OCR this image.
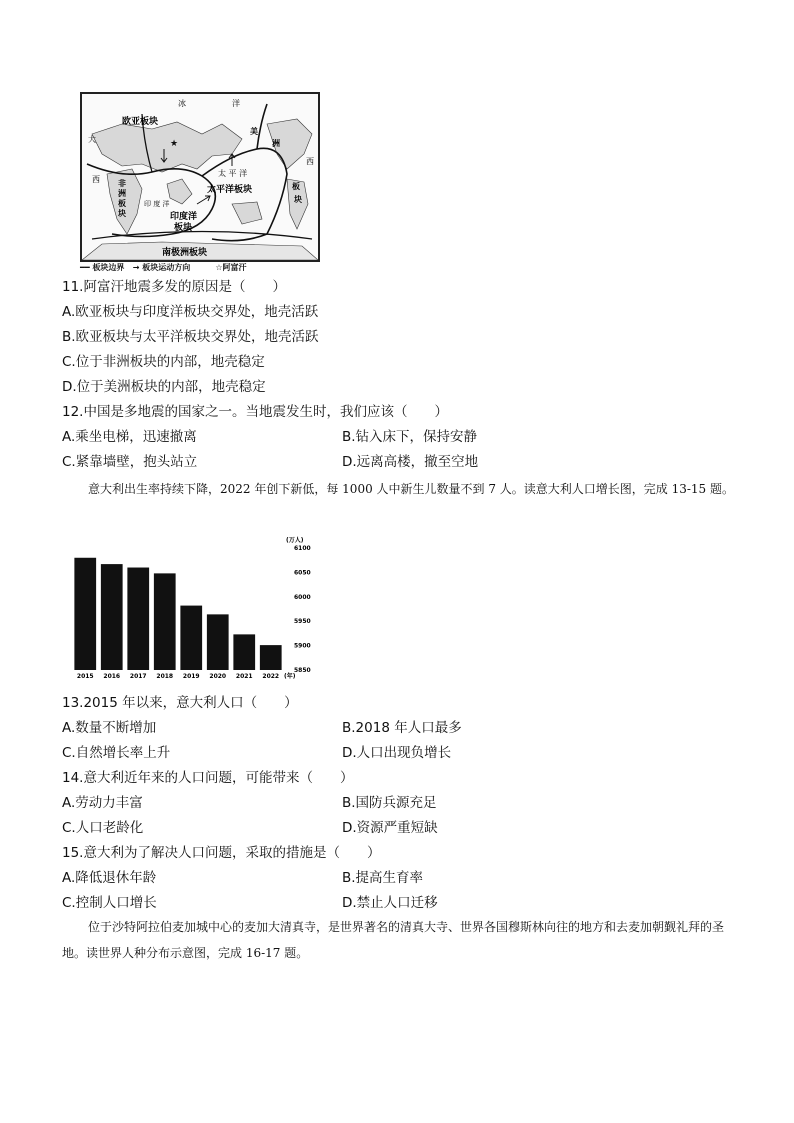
★
冰	洋
欧亚板块
非
洲
板
块
太平洋板块
太 平 洋
印 度 洋
印度洋
板块
南极洲板块
美
洲
板
块
大
西
西
━━ 板块边界 → 板块运动方向	☆阿富汗
11.阿富汗地震多发的原因是（　　）
A.欧亚板块与印度洋板块交界处，地壳活跃
B.欧亚板块与太平洋板块交界处，地壳活跃
C.位于非洲板块的内部，地壳稳定
D.位于美洲板块的内部，地壳稳定
12.中国是多地震的国家之一。当地震发生时，我们应该（　　）
A.乘坐电梯，迅速撤离	B.钻入床下，保持安静
C.紧靠墙壁，抱头站立	D.远离高楼，撤至空地
意大利出生率持续下降，2022 年创下新低，每 1000 人中新生儿数量不到 7 人。读意大利人口增长图，完成 13-15 题。
(万人)
(年)
2015 2016 2017 2018 2019 2020 2021 2022
5850
5900
5950
6000
6050
6100
13.2015 年以来，意大利人口（　　）
A.数量不断增加	B.2018 年人口最多
C.自然增长率上升	D.人口出现负增长
14.意大利近年来的人口问题，可能带来（　　）
A.劳动力丰富	B.国防兵源充足
C.人口老龄化	D.资源严重短缺
15.意大利为了解决人口问题，采取的措施是（　　）
A.降低退休年龄	B.提高生育率
C.控制人口增长	D.禁止人口迁移
位于沙特阿拉伯麦加城中心的麦加大清真寺，是世界著名的清真大寺、世界各国穆斯林向往的地方和去麦加朝觐礼拜的圣地。读世界人种分布示意图，完成 16-17 题。
